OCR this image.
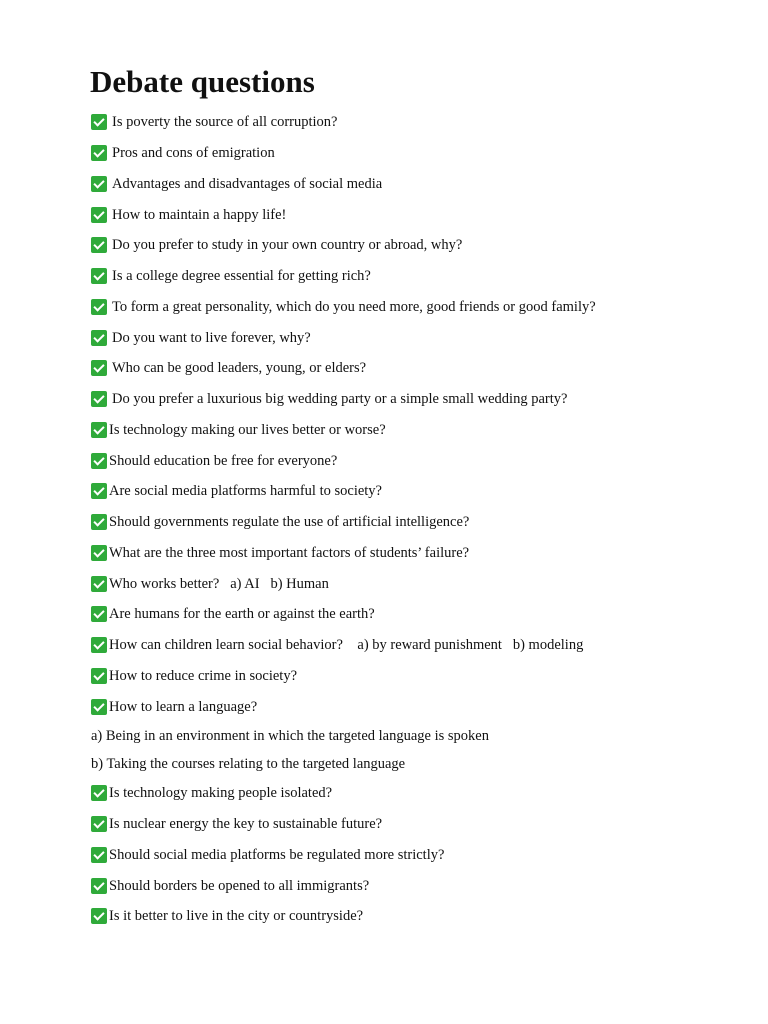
Debate questions
Is poverty the source of all corruption?
Pros and cons of emigration
Advantages and disadvantages of social media
How to maintain a happy life!
Do you prefer to study in your own country or abroad, why?
Is a college degree essential for getting rich?
To form a great personality, which do you need more, good friends or good family?
Do you want to live forever, why?
Who can be good leaders, young, or elders?
Do you prefer a luxurious big wedding party or a simple small wedding party?
Is technology making our lives better or worse?
Should education be free for everyone?
Are social media platforms harmful to society?
Should governments regulate the use of artificial intelligence?
What are the three most important factors of students’ failure?
Who works better?   a) AI   b) Human
Are humans for the earth or against the earth?
How can children learn social behavior?    a) by reward punishment   b) modeling
How to reduce crime in society?
How to learn a language?
a) Being in an environment in which the targeted language is spoken
b) Taking the courses relating to the targeted language
Is technology making people isolated?
Is nuclear energy the key to sustainable future?
Should social media platforms be regulated more strictly?
Should borders be opened to all immigrants?
Is it better to live in the city or countryside?
